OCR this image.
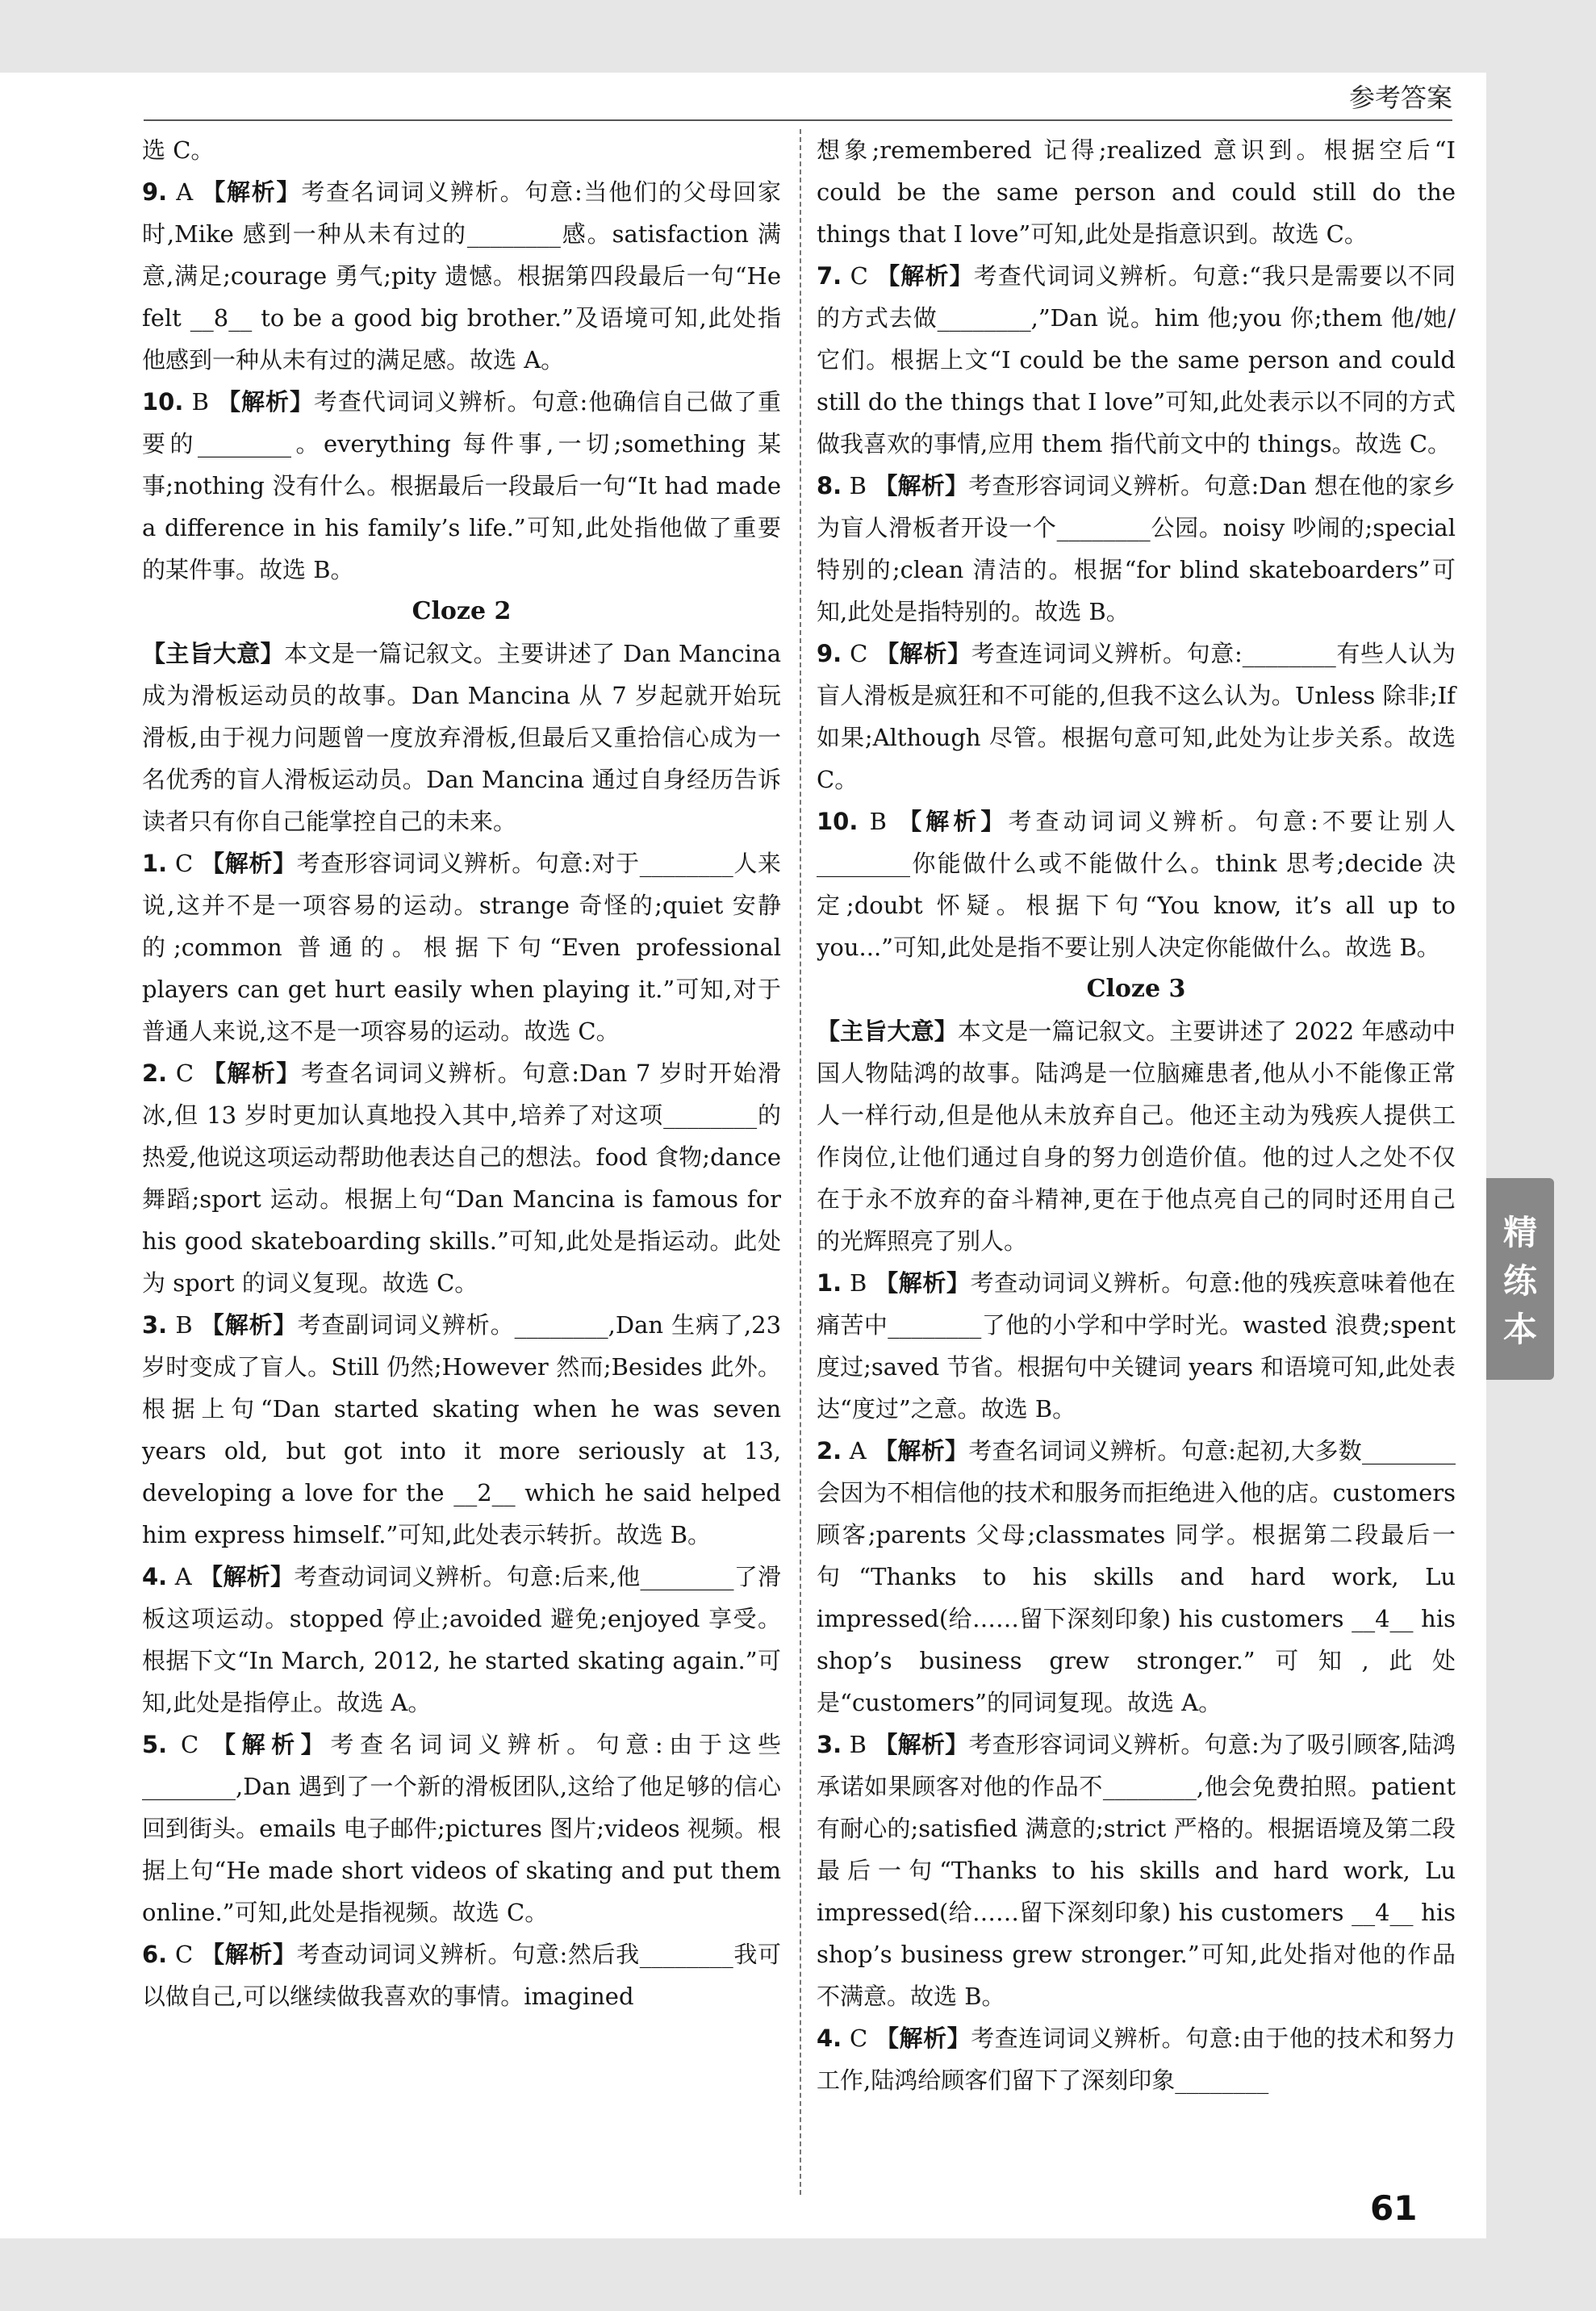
参考答案

选 C。

9. A 【解析】考查名词词义辨析。句意:当他们的父母回家时,Mike 感到一种从未有过的________感。satisfaction 满意,满足;courage 勇气;pity 遗憾。根据第四段最后一句“He felt __8__ to be a good big brother.”及语境可知,此处指他感到一种从未有过的满足感。故选 A。

10. B 【解析】考查代词词义辨析。句意:他确信自己做了重要的________。everything 每件事,一切;something 某事;nothing 没有什么。根据最后一段最后一句“It had made a difference in his family’s life.”可知,此处指他做了重要的某件事。故选 B。

Cloze 2

【主旨大意】本文是一篇记叙文。主要讲述了 Dan Mancina 成为滑板运动员的故事。Dan Mancina 从 7 岁起就开始玩滑板,由于视力问题曾一度放弃滑板,但最后又重拾信心成为一名优秀的盲人滑板运动员。Dan Mancina 通过自身经历告诉读者只有你自己能掌控自己的未来。

1. C 【解析】考查形容词词义辨析。句意:对于________人来说,这并不是一项容易的运动。strange 奇怪的;quiet 安静的;common 普通的。根据下句“Even professional players can get hurt easily when playing it.”可知,对于普通人来说,这不是一项容易的运动。故选 C。

2. C 【解析】考查名词词义辨析。句意:Dan 7 岁时开始滑冰,但 13 岁时更加认真地投入其中,培养了对这项________的热爱,他说这项运动帮助他表达自己的想法。food 食物;dance 舞蹈;sport 运动。根据上句“Dan Mancina is famous for his good skateboarding skills.”可知,此处是指运动。此处为 sport 的词义复现。故选 C。

3. B 【解析】考查副词词义辨析。________,Dan 生病了,23 岁时变成了盲人。Still 仍然;However 然而;Besides 此外。根据上句“Dan started skating when he was seven years old, but got into it more seriously at 13, developing a love for the __2__ which he said helped him express himself.”可知,此处表示转折。故选 B。

4. A 【解析】考查动词词义辨析。句意:后来,他________了滑板这项运动。stopped 停止;avoided 避免;enjoyed 享受。根据下文“In March, 2012, he started skating again.”可知,此处是指停止。故选 A。

5. C 【解析】考查名词词义辨析。句意:由于这些________,Dan 遇到了一个新的滑板团队,这给了他足够的信心回到街头。emails 电子邮件;pictures 图片;videos 视频。根据上句“He made short videos of skating and put them online.”可知,此处是指视频。故选 C。

6. C 【解析】考查动词词义辨析。句意:然后我________我可以做自己,可以继续做我喜欢的事情。imagined

想象;remembered 记得;realized 意识到。根据空后“I could be the same person and could still do the things that I love”可知,此处是指意识到。故选 C。

7. C 【解析】考查代词词义辨析。句意:“我只是需要以不同的方式去做________,”Dan 说。him 他;you 你;them 他/她/它们。根据上文“I could be the same person and could still do the things that I love”可知,此处表示以不同的方式做我喜欢的事情,应用 them 指代前文中的 things。故选 C。

8. B 【解析】考查形容词词义辨析。句意:Dan 想在他的家乡为盲人滑板者开设一个________公园。noisy 吵闹的;special 特别的;clean 清洁的。根据“for blind skateboarders”可知,此处是指特别的。故选 B。

9. C 【解析】考查连词词义辨析。句意:________有些人认为盲人滑板是疯狂和不可能的,但我不这么认为。Unless 除非;If 如果;Although 尽管。根据句意可知,此处为让步关系。故选 C。

10. B 【解析】考查动词词义辨析。句意:不要让别人________你能做什么或不能做什么。think 思考;decide 决定;doubt 怀疑。根据下句“You know, it’s all up to you...”可知,此处是指不要让别人决定你能做什么。故选 B。

Cloze 3

【主旨大意】本文是一篇记叙文。主要讲述了 2022 年感动中国人物陆鸿的故事。陆鸿是一位脑瘫患者,他从小不能像正常人一样行动,但是他从未放弃自己。他还主动为残疾人提供工作岗位,让他们通过自身的努力创造价值。他的过人之处不仅在于永不放弃的奋斗精神,更在于他点亮自己的同时还用自己的光辉照亮了别人。

1. B 【解析】考查动词词义辨析。句意:他的残疾意味着他在痛苦中________了他的小学和中学时光。wasted 浪费;spent 度过;saved 节省。根据句中关键词 years 和语境可知,此处表达“度过”之意。故选 B。

2. A 【解析】考查名词词义辨析。句意:起初,大多数________会因为不相信他的技术和服务而拒绝进入他的店。customers 顾客;parents 父母;classmates 同学。根据第二段最后一句“Thanks to his skills and hard work, Lu impressed(给……留下深刻印象) his customers __4__ his shop’s business grew stronger.”可知,此处是“customers”的同词复现。故选 A。

3. B 【解析】考查形容词词义辨析。句意:为了吸引顾客,陆鸿承诺如果顾客对他的作品不________,他会免费拍照。patient 有耐心的;satisfied 满意的;strict 严格的。根据语境及第二段最后一句“Thanks to his skills and hard work, Lu impressed(给……留下深刻印象) his customers __4__ his shop’s business grew stronger.”可知,此处指对他的作品不满意。故选 B。

4. C 【解析】考查连词词义辨析。句意:由于他的技术和努力工作,陆鸿给顾客们留下了深刻印象________

精
练
本
61
